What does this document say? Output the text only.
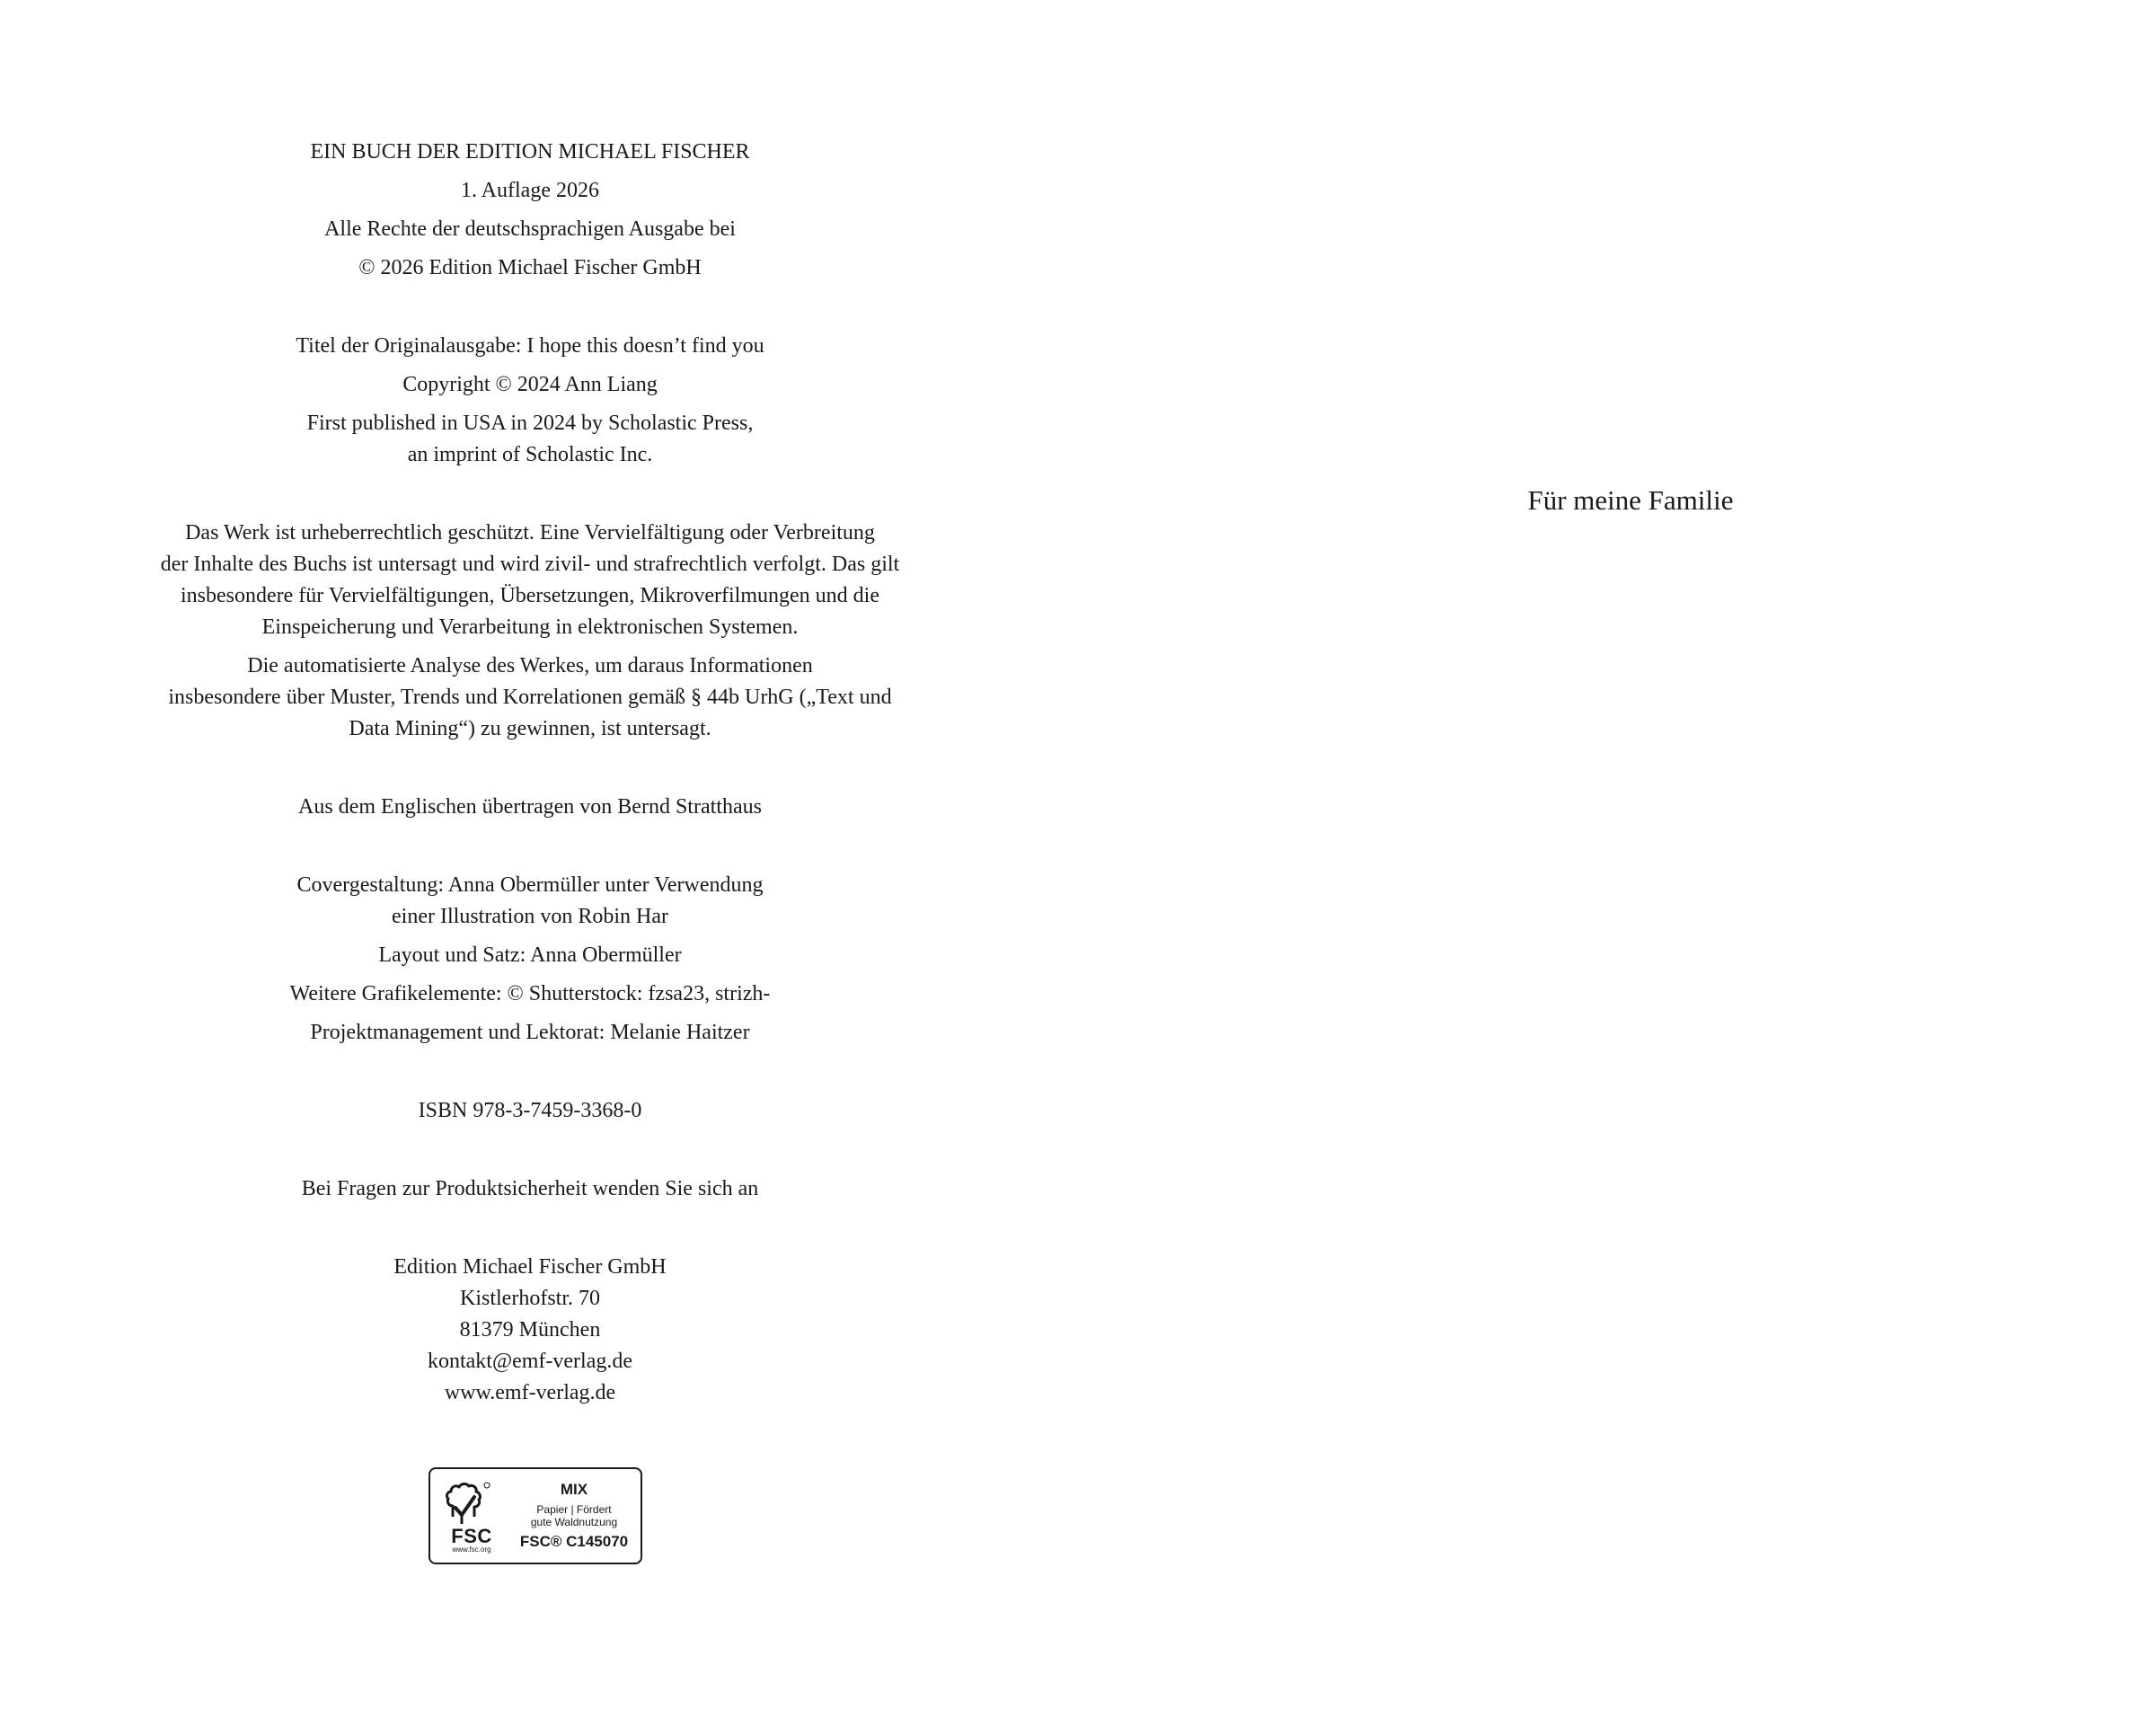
EIN BUCH DER EDITION MICHAEL FISCHER

1. Auflage 2026

Alle Rechte der deutschsprachigen Ausgabe bei

© 2026 Edition Michael Fischer GmbH

Titel der Originalausgabe: I hope this doesn’t find you

Copyright © 2024 Ann Liang

First published in USA in 2024 by Scholastic Press,
an imprint of Scholastic Inc.

Das Werk ist urheberrechtlich geschützt. Eine Vervielfältigung oder Verbreitung
der Inhalte des Buchs ist untersagt und wird zivil- und strafrechtlich verfolgt. Das gilt
insbesondere für Vervielfältigungen, Übersetzungen, Mikroverfilmungen und die
Einspeicherung und Verarbeitung in elektronischen Systemen.

Die automatisierte Analyse des Werkes, um daraus Informationen
insbesondere über Muster, Trends und Korrelationen gemäß § 44b UrhG („Text und
Data Mining“) zu gewinnen, ist untersagt.

Aus dem Englischen übertragen von Bernd Stratthaus

Covergestaltung: Anna Obermüller unter Verwendung
einer Illustration von Robin Har

Layout und Satz: Anna Obermüller

Weitere Grafikelemente: © Shutterstock: fzsa23, strizh-

Projektmanagement und Lektorat: Melanie Haitzer

ISBN 978-3-7459-3368-0

Bei Fragen zur Produktsicherheit wenden Sie sich an

Edition Michael Fischer GmbH
Kistlerhofstr. 70
81379 München
kontakt@emf-verlag.de
www.emf-verlag.de

FSC
www.fsc.org
MIX
Papier | Fördert
gute Waldnutzung
FSC® C145070

Für meine Familie
